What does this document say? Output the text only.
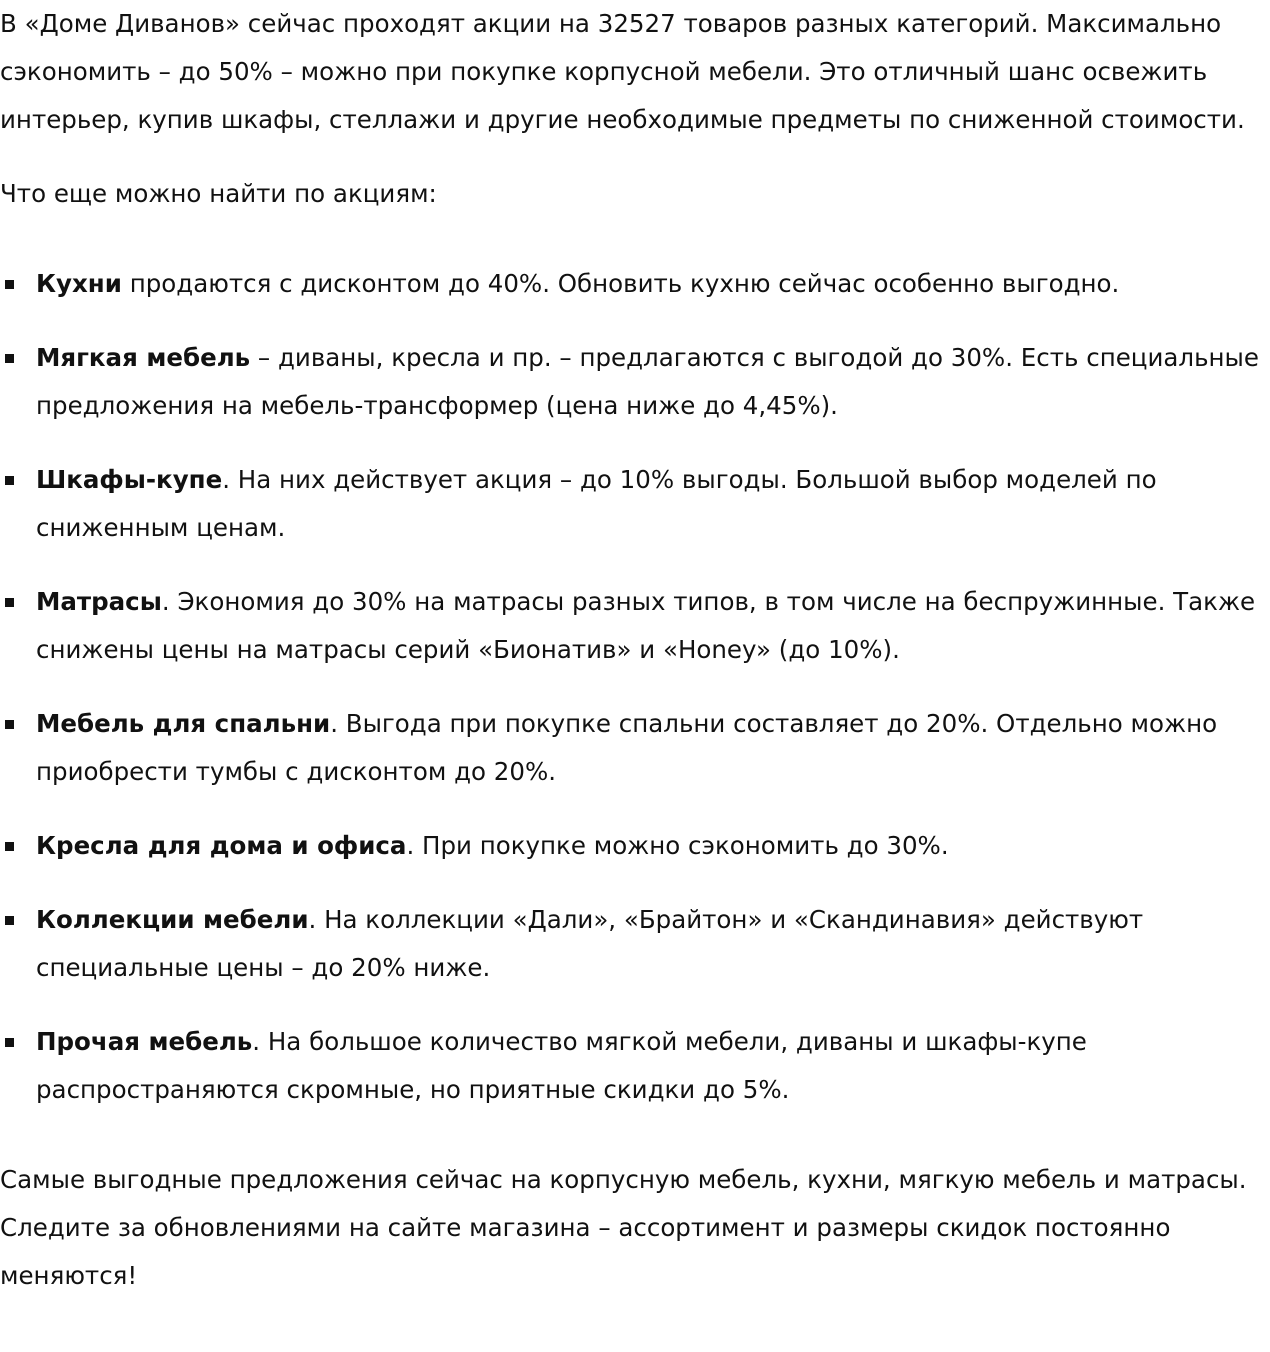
В «Доме Диванов» сейчас проходят акции на 32527 товаров разных категорий. Максимально сэкономить – до 50% – можно при покупке корпусной мебели. Это отличный шанс освежить интерьер, купив шкафы, стеллажи и другие необходимые предметы по сниженной стоимости.

Что еще можно найти по акциям:

Кухни продаются с дисконтом до 40%. Обновить кухню сейчас особенно выгодно.
Мягкая мебель – диваны, кресла и пр. – предлагаются с выгодой до 30%. Есть специальные предложения на мебель-трансформер (цена ниже до 4,45%).
Шкафы-купе. На них действует акция – до 10% выгоды. Большой выбор моделей по сниженным ценам.
Матрасы. Экономия до 30% на матрасы разных типов, в том числе на беспружинные. Также снижены цены на матрасы серий «Бионатив» и «Honey» (до 10%).
Мебель для спальни. Выгода при покупке спальни составляет до 20%. Отдельно можно приобрести тумбы с дисконтом до 20%.
Кресла для дома и офиса. При покупке можно сэкономить до 30%.
Коллекции мебели. На коллекции «Дали», «Брайтон» и «Скандинавия» действуют специальные цены – до 20% ниже.
Прочая мебель. На большое количество мягкой мебели, диваны и шкафы-купе распространяются скромные, но приятные скидки до 5%.

Самые выгодные предложения сейчас на корпусную мебель, кухни, мягкую мебель и матрасы. Следите за обновлениями на сайте магазина – ассортимент и размеры скидок постоянно меняются!
